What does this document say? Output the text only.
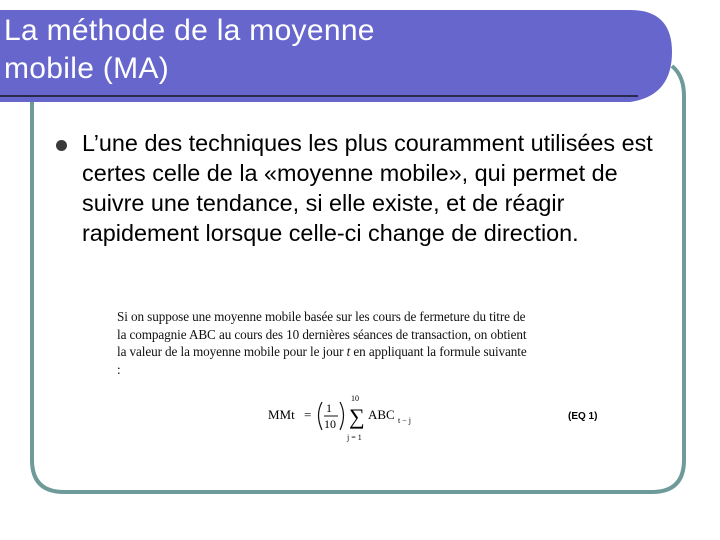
La méthode de la moyenne
mobile (MA)
L’une des techniques les plus couramment utilisées est certes celle de la «moyenne mobile», qui permet de suivre une tendance, si elle existe, et de réagir rapidement lorsque celle-ci change de direction.
Si on suppose une moyenne mobile basée sur les cours de fermeture du titre de
la compagnie ABC au cours des 10 dernières séances de transaction, on obtient
la valeur de la moyenne mobile pour le jour t en appliquant la formule suivante
:
MMt = 1
10
10
∑
j = 1
ABC t − j	(EQ 1)
